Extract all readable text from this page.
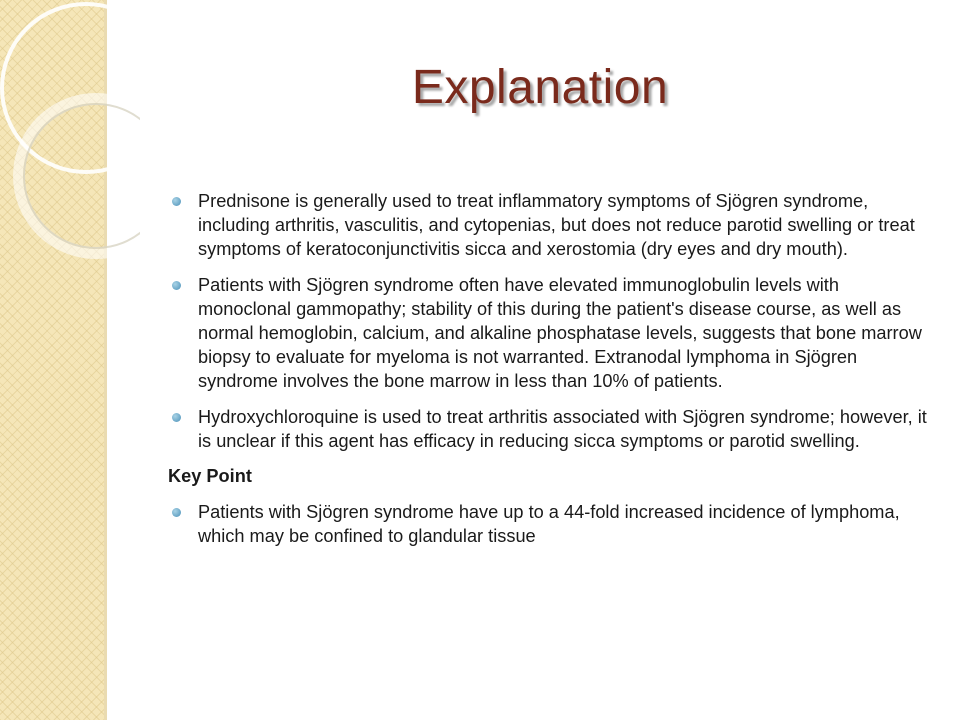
Explanation
Prednisone is generally used to treat inflammatory symptoms of Sjögren syndrome, including arthritis, vasculitis, and cytopenias, but does not reduce parotid swelling or treat symptoms of keratoconjunctivitis sicca and xerostomia (dry eyes and dry mouth).
Patients with Sjögren syndrome often have elevated immunoglobulin levels with monoclonal gammopathy; stability of this during the patient's disease course, as well as normal hemoglobin, calcium, and alkaline phosphatase levels, suggests that bone marrow biopsy to evaluate for myeloma is not warranted. Extranodal lymphoma in Sjögren syndrome involves the bone marrow in less than 10% of patients.
Hydroxychloroquine is used to treat arthritis associated with Sjögren syndrome; however, it is unclear if this agent has efficacy in reducing sicca symptoms or parotid swelling.
Key Point
Patients with Sjögren syndrome have up to a 44-fold increased incidence of lymphoma, which may be confined to glandular tissue
